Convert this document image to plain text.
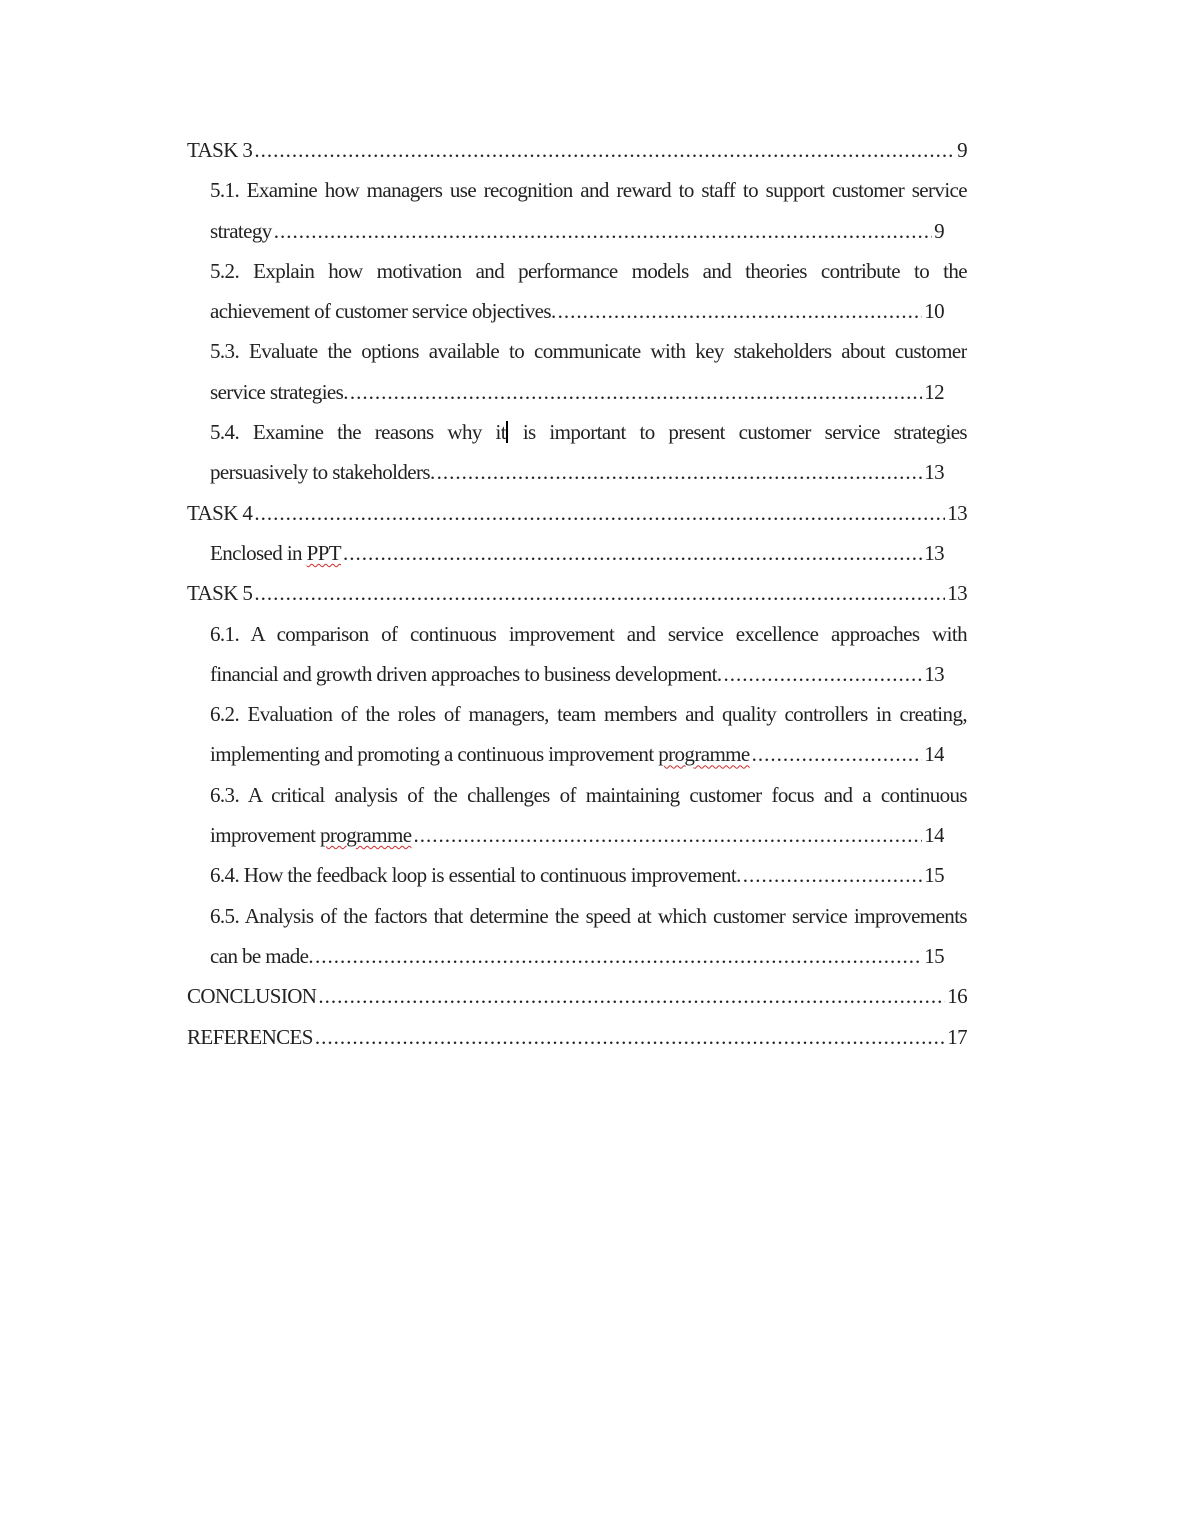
TASK 3 .....	9
5.1. Examine how managers use recognition and reward to staff to support customer service
strategy .....	9
5.2. Explain how motivation and performance models and theories contribute to the
achievement of customer service objectives. .....	10
5.3. Evaluate the options available to communicate with key stakeholders about customer
service strategies. .....	12
5.4. Examine the reasons why it is important to present customer service strategies
persuasively to stakeholders. .....	13
TASK 4 .....	13
Enclosed in PPT .....	13
TASK 5 .....	13
6.1. A comparison of continuous improvement and service excellence approaches with
financial and growth driven approaches to business development. .....	13
6.2. Evaluation of the roles of managers, team members and quality controllers in creating,
implementing and promoting a continuous improvement programme .....	14
6.3. A critical analysis of the challenges of maintaining customer focus and a continuous
improvement programme .....	14
6.4. How the feedback loop is essential to continuous improvement. .....	15
6.5. Analysis of the factors that determine the speed at which customer service improvements
can be made. .....	15
CONCLUSION .....	16
REFERENCES .....	17
